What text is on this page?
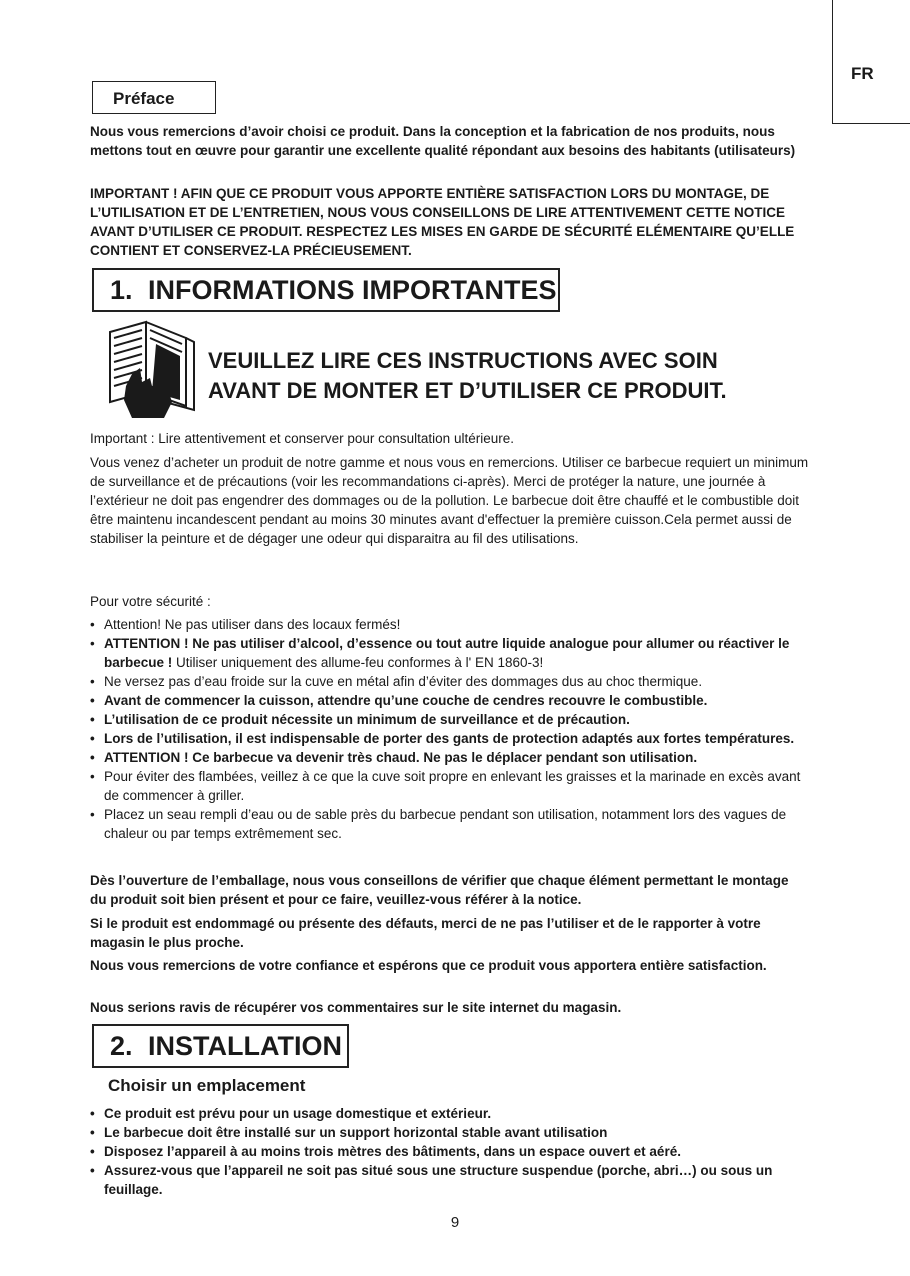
FR
Préface
Nous vous remercions d’avoir choisi ce produit. Dans la conception et la fabrication de nos produits, nous mettons tout en œuvre pour garantir une excellente qualité répondant aux besoins des habitants (utilisateurs)
IMPORTANT ! AFIN QUE CE PRODUIT VOUS APPORTE ENTIÈRE SATISFACTION LORS DU MONTAGE, DE L’UTILISATION ET DE L’ENTRETIEN, NOUS VOUS CONSEILLONS DE LIRE ATTENTIVEMENT CETTE NOTICE AVANT D’UTILISER CE PRODUIT. RESPECTEZ LES MISES EN GARDE DE SÉCURITÉ ELÉMENTAIRE QU’ELLE CONTIENT ET CONSERVEZ-LA PRÉCIEUSEMENT.
1. INFORMATIONS IMPORTANTES
VEUILLEZ LIRE CES INSTRUCTIONS AVEC SOIN
AVANT DE MONTER ET D’UTILISER CE PRODUIT.
Important : Lire attentivement et conserver pour consultation ultérieure.
Vous venez d’acheter un produit de notre gamme et nous vous en remercions. Utiliser ce barbecue requiert un minimum de surveillance et de précautions (voir les recommandations ci-après). Merci de protéger la nature, une journée à l’extérieur ne doit pas engendrer des dommages ou de la pollution. Le barbecue doit être chauffé et le combustible doit être maintenu incandescent pendant au moins 30 minutes avant d'effectuer la première cuisson.Cela permet aussi de stabiliser la peinture et de dégager une odeur qui disparaitra au fil des utilisations.
Pour votre sécurité :
• Attention! Ne pas utiliser dans des locaux fermés!
• ATTENTION ! Ne pas utiliser d’alcool, d’essence ou tout autre liquide analogue pour allumer ou réactiver le barbecue ! Utiliser uniquement des allume-feu conformes à l' EN 1860-3!
• Ne versez pas d’eau froide sur la cuve en métal afin d’éviter des dommages dus au choc thermique.
• Avant de commencer la cuisson, attendre qu’une couche de cendres recouvre le combustible.
• L’utilisation de ce produit nécessite un minimum de surveillance et de précaution.
• Lors de l’utilisation, il est indispensable de porter des gants de protection adaptés aux fortes températures.
• ATTENTION ! Ce barbecue va devenir très chaud. Ne pas le déplacer pendant son utilisation.
• Pour éviter des flambées, veillez à ce que la cuve soit propre en enlevant les graisses et la marinade en excès avant de commencer à griller.
• Placez un seau rempli d’eau ou de sable près du barbecue pendant son utilisation, notamment lors des vagues de chaleur ou par temps extrêmement sec.
Dès l’ouverture de l’emballage, nous vous conseillons de vérifier que chaque élément permettant le montage du produit soit bien présent et pour ce faire, veuillez-vous référer à la notice.
Si le produit est endommagé ou présente des défauts, merci de ne pas l’utiliser et de le rapporter à votre magasin le plus proche.
Nous vous remercions de votre confiance et espérons que ce produit vous apportera entière satisfaction.
Nous serions ravis de récupérer vos commentaires sur le site internet du magasin.
2. INSTALLATION
Choisir un emplacement
• Ce produit est prévu pour un usage domestique et extérieur.
• Le barbecue doit être installé sur un support horizontal stable avant utilisation
• Disposez l’appareil à au moins trois mètres des bâtiments, dans un espace ouvert et aéré.
• Assurez-vous que l’appareil ne soit pas situé sous une structure suspendue (porche, abri…) ou sous un feuillage.
9
